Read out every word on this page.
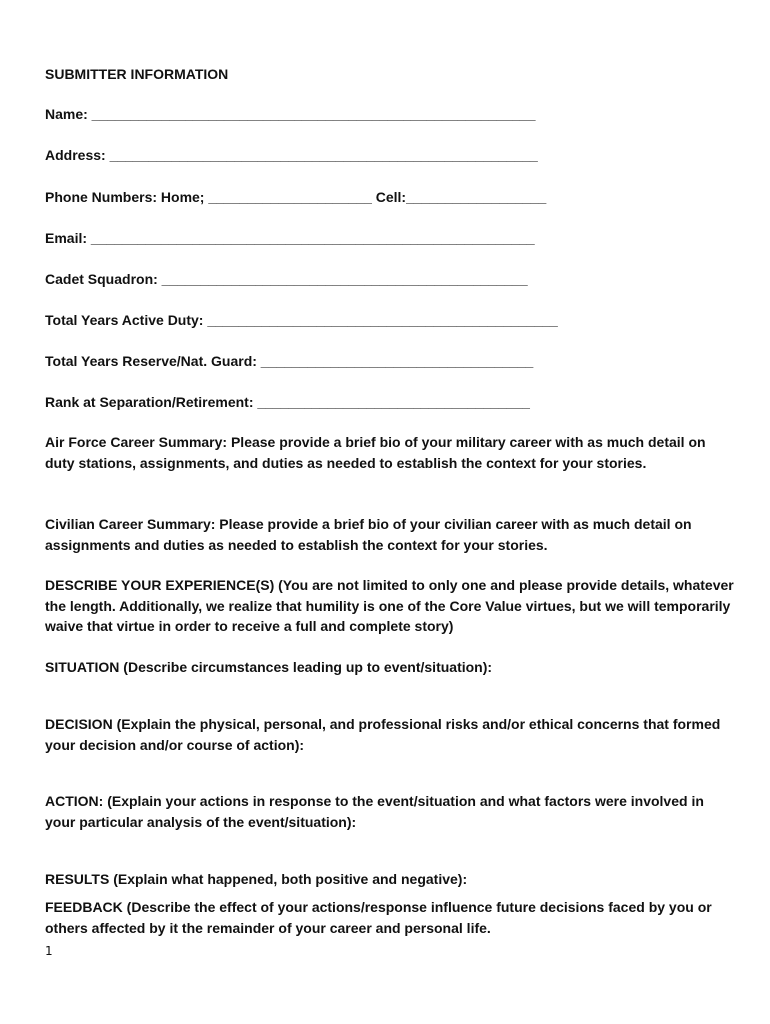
SUBMITTER INFORMATION
Name: _________________________________________________________
Address: _______________________________________________________
Phone Numbers: Home; _____________________ Cell:__________________
Email: _________________________________________________________
Cadet Squadron: _______________________________________________
Total Years Active Duty: _____________________________________________
Total Years Reserve/Nat. Guard: ___________________________________
Rank at Separation/Retirement: ___________________________________
Air Force Career Summary: Please provide a brief bio of your military career with as much detail on duty stations, assignments, and duties as needed to establish the context for your stories.
Civilian Career Summary: Please provide a brief bio of your civilian career with as much detail on assignments and duties as needed to establish the context for your stories.
DESCRIBE YOUR EXPERIENCE(S) (You are not limited to only one and please provide details, whatever the length. Additionally, we realize that humility is one of the Core Value virtues, but we will temporarily waive that virtue in order to receive a full and complete story)
SITUATION (Describe circumstances leading up to event/situation):
DECISION (Explain the physical, personal, and professional risks and/or ethical concerns that formed your decision and/or course of action):
ACTION: (Explain your actions in response to the event/situation and what factors were involved in your particular analysis of the event/situation):
RESULTS (Explain what happened, both positive and negative):
FEEDBACK (Describe the effect of your actions/response influence future decisions faced by you or others affected by it the remainder of your career and personal life.
1
